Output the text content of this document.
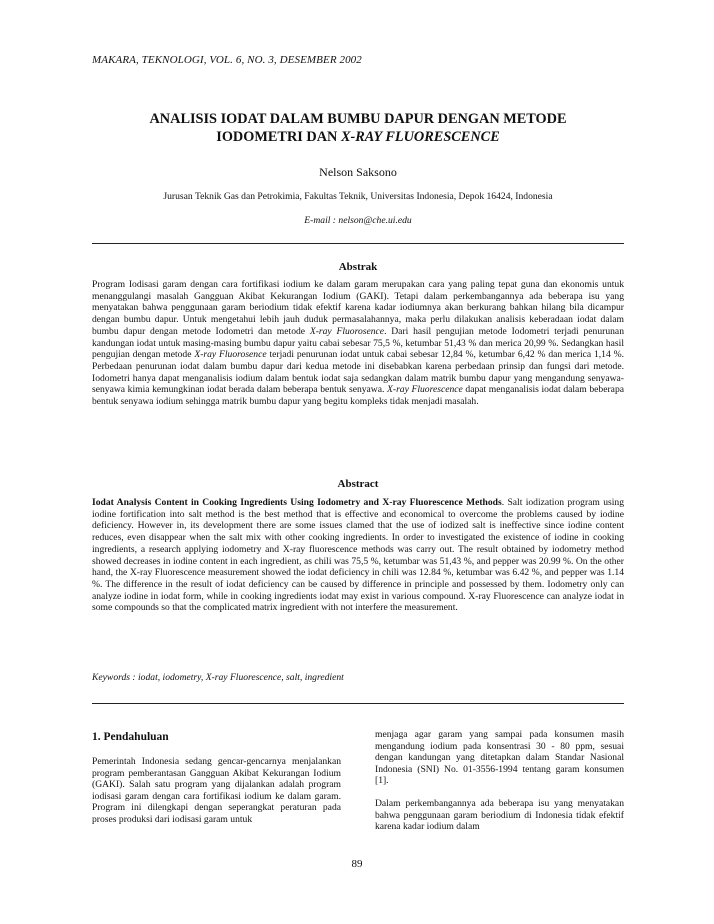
MAKARA, TEKNOLOGI, VOL. 6, NO. 3, DESEMBER 2002
ANALISIS IODAT DALAM BUMBU DAPUR DENGAN METODE
IODOMETRI DAN X-RAY FLUORESCENCE
Nelson Saksono
Jurusan Teknik Gas dan Petrokimia, Fakultas Teknik, Universitas Indonesia, Depok 16424, Indonesia
E-mail : nelson@che.ui.edu
Abstrak
Program Iodisasi garam dengan cara fortifikasi iodium ke dalam garam merupakan cara yang paling tepat guna dan ekonomis untuk menanggulangi masalah Gangguan Akibat Kekurangan Iodium (GAKI). Tetapi dalam perkembangannya ada beberapa isu yang menyatakan bahwa penggunaan garam beriodium tidak efektif karena kadar iodiumnya akan berkurang bahkan hilang bila dicampur dengan bumbu dapur. Untuk mengetahui lebih jauh duduk permasalahannya, maka perlu dilakukan analisis keberadaan iodat dalam bumbu dapur dengan metode Iodometri dan metode X-ray Fluorosence. Dari hasil pengujian metode Iodometri terjadi penurunan kandungan iodat untuk masing-masing bumbu dapur yaitu cabai sebesar 75,5 %, ketumbar 51,43 % dan merica 20,99 %. Sedangkan hasil pengujian dengan metode X-ray Fluorosence terjadi penurunan iodat untuk cabai sebesar 12,84 %, ketumbar 6,42 % dan merica 1,14 %. Perbedaan penurunan iodat dalam bumbu dapur dari kedua metode ini disebabkan karena perbedaan prinsip dan fungsi dari metode. Iodometri hanya dapat menganalisis iodium dalam bentuk iodat saja sedangkan dalam matrik bumbu dapur yang mengandung senyawa-senyawa kimia kemungkinan iodat berada dalam beberapa bentuk senyawa. X-ray Fluorescence dapat menganalisis iodat dalam beberapa bentuk senyawa iodium sehingga matrik bumbu dapur yang begitu kompleks tidak menjadi masalah.
Abstract
Iodat Analysis Content in Cooking Ingredients Using Iodometry and X-ray Fluorescence Methods. Salt iodization program using iodine fortification into salt method is the best method that is effective and economical to overcome the problems caused by iodine deficiency. However in, its development there are some issues clamed that the use of iodized salt is ineffective since iodine content reduces, even disappear when the salt mix with other cooking ingredients. In order to investigated the existence of iodine in cooking ingredients, a research applying iodometry and X-ray fluorescence methods was carry out. The result obtained by iodometry method showed decreases in iodine content in each ingredient, as chili was 75,5 %, ketumbar was 51,43 %, and pepper was 20.99 %. On the other hand, the X-ray Fluorescence measurement showed the iodat deficiency in chili was 12.84 %, ketumbar was 6.42 %, and pepper was 1.14 %. The difference in the result of iodat deficiency can be caused by difference in principle and possessed by them. Iodometry only can analyze iodine in iodat form, while in cooking ingredients iodat may exist in various compound. X-ray Fluorescence can analyze iodat in some compounds so that the complicated matrix ingredient with not interfere the measurement.
Keywords : iodat, iodometry, X-ray Fluorescence, salt, ingredient
1. Pendahuluan

Pemerintah Indonesia sedang gencar-gencarnya menjalankan program pemberantasan Gangguan Akibat Kekurangan Iodium (GAKI). Salah satu program yang dijalankan adalah program iodisasi garam dengan cara fortifikasi iodium ke dalam garam. Program ini dilengkapi dengan seperangkat peraturan pada proses produksi dari iodisasi garam untuk

menjaga agar garam yang sampai pada konsumen masih mengandung iodium pada konsentrasi 30 - 80 ppm, sesuai dengan kandungan yang ditetapkan dalam Standar Nasional Indonesia (SNI) No. 01-3556-1994 tentang garam konsumen [1].

Dalam perkembangannya ada beberapa isu yang menyatakan bahwa penggunaan garam beriodium di Indonesia tidak efektif karena kadar iodium dalam

89
